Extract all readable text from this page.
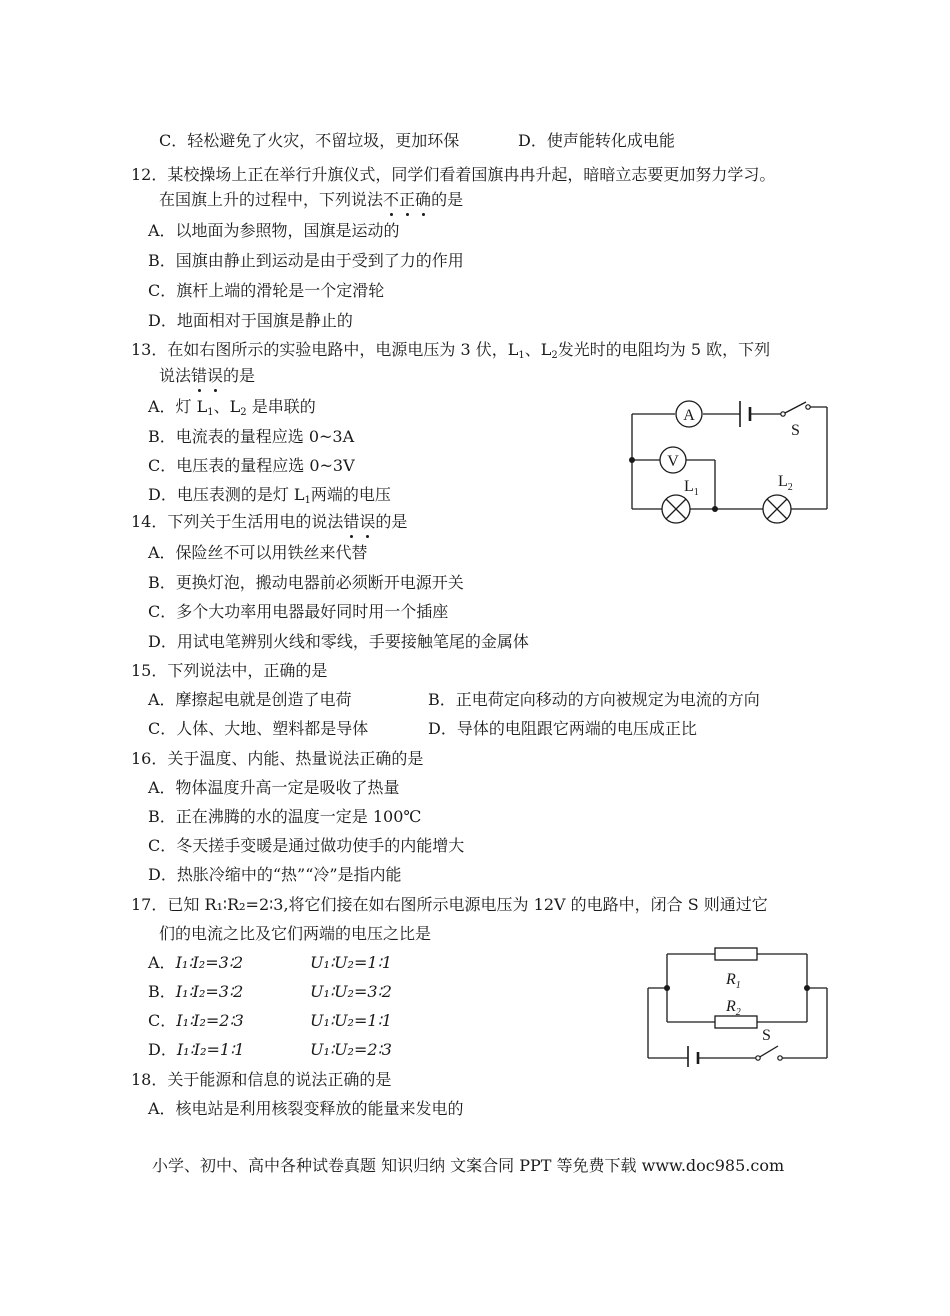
C．轻松避免了火灾，不留垃圾，更加环保	D．使声能转化成电能
12．某校操场上正在举行升旗仪式，同学们看着国旗冉冉升起，暗暗立志要更加努力学习。
在国旗上升的过程中，下列说法不正确的是
A．以地面为参照物，国旗是运动的
B．国旗由静止到运动是由于受到了力的作用
C．旗杆上端的滑轮是一个定滑轮
D．地面相对于国旗是静止的
13．在如右图所示的实验电路中，电源电压为 3 伏，$L_1$、$L_2$发光时的电阻均为 5 欧，下列
说法错误的是
A．灯 $L_1$、$L_2$ 是串联的
B．电流表的量程应选 0~3A
C．电压表的量程应选 0~3V
D．电压表测的是灯 $L_1$两端的电压
A
V
S
$L_1$
$L_2$
14．下列关于生活用电的说法错误的是
A．保险丝不可以用铁丝来代替
B．更换灯泡，搬动电器前必须断开电源开关
C．多个大功率用电器最好同时用一个插座
D．用试电笔辨别火线和零线，手要接触笔尾的金属体
15．下列说法中，正确的是
A．摩擦起电就是创造了电荷	B．正电荷定向移动的方向被规定为电流的方向
C．人体、大地、塑料都是导体	D．导体的电阻跟它两端的电压成正比
16．关于温度、内能、热量说法正确的是
A．物体温度升高一定是吸收了热量
B．正在沸腾的水的温度一定是 100℃
C．冬天搓手变暖是通过做功使手的内能增大
D．热胀冷缩中的“热”“冷”是指内能
17．已知 R₁∶R₂=2∶3,将它们接在如右图所示电源电压为 12V 的电路中，闭合 S 则通过它
们的电流之比及它们两端的电压之比是
A．I₁∶I₂=3∶2	U₁∶U₂=1∶1
B．I₁∶I₂=3∶2	U₁∶U₂=3∶2
C．I₁∶I₂=2∶3	U₁∶U₂=1∶1
D．I₁∶I₂=1∶1	U₁∶U₂=2∶3
$R_1$
$R_2$
S
18．关于能源和信息的说法正确的是
A．核电站是利用核裂变释放的能量来发电的
小学、初中、高中各种试卷真题 知识归纳 文案合同 PPT 等免费下载 www.doc985.com
